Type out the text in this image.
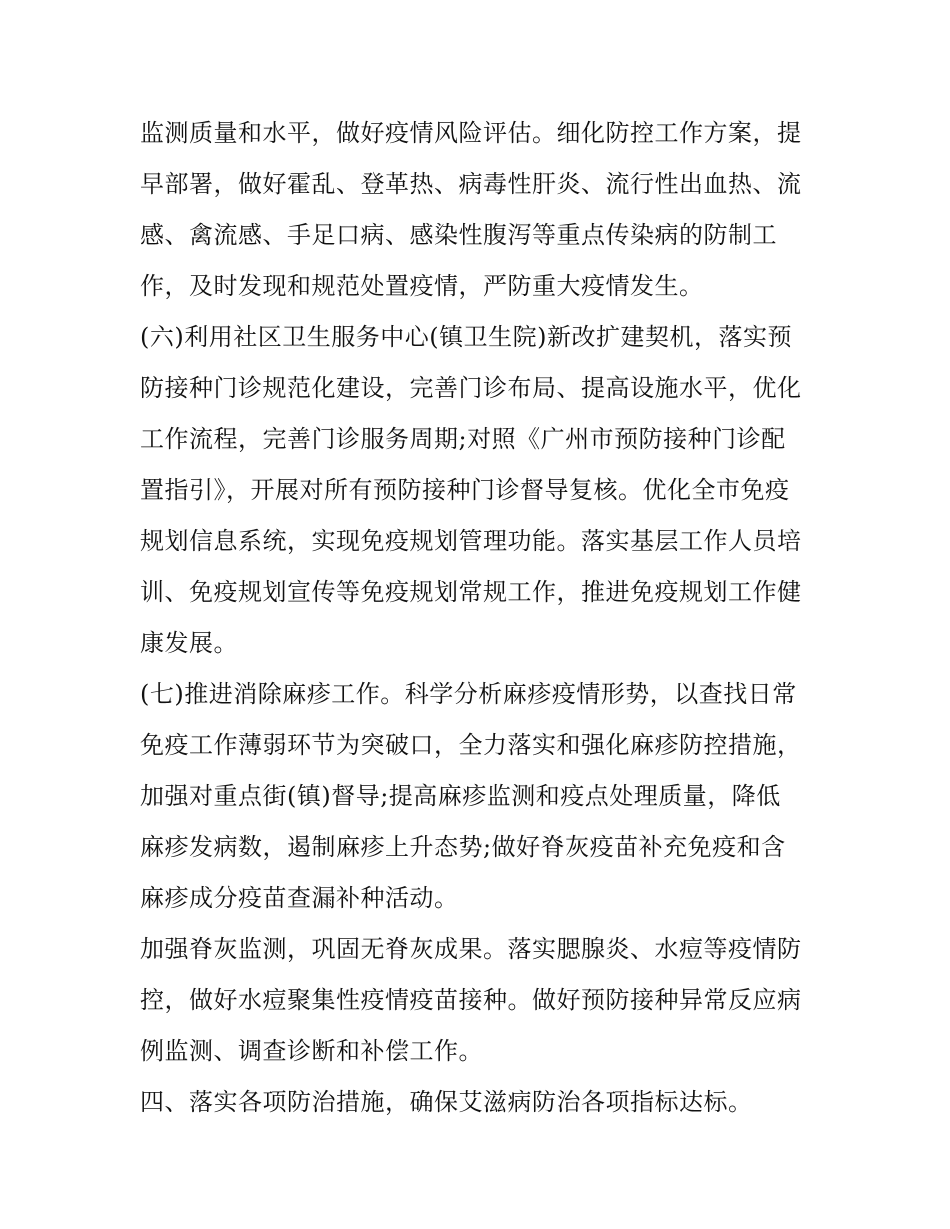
监测质量和水平，做好疫情风险评估。细化防控工作方案，提
早部署，做好霍乱、登革热、病毒性肝炎、流行性出血热、流
感、禽流感、手足口病、感染性腹泻等重点传染病的防制工
作，及时发现和规范处置疫情，严防重大疫情发生。
(六)利用社区卫生服务中心(镇卫生院)新改扩建契机，落实预
防接种门诊规范化建设，完善门诊布局、提高设施水平，优化
工作流程，完善门诊服务周期;对照《广州市预防接种门诊配
置指引》，开展对所有预防接种门诊督导复核。优化全市免疫
规划信息系统，实现免疫规划管理功能。落实基层工作人员培
训、免疫规划宣传等免疫规划常规工作，推进免疫规划工作健
康发展。
(七)推进消除麻疹工作。科学分析麻疹疫情形势，以查找日常
免疫工作薄弱环节为突破口，全力落实和强化麻疹防控措施，
加强对重点街(镇)督导;提高麻疹监测和疫点处理质量，降低
麻疹发病数，遏制麻疹上升态势;做好脊灰疫苗补充免疫和含
麻疹成分疫苗查漏补种活动。
加强脊灰监测，巩固无脊灰成果。落实腮腺炎、水痘等疫情防
控，做好水痘聚集性疫情疫苗接种。做好预防接种异常反应病
例监测、调查诊断和补偿工作。
四、落实各项防治措施，确保艾滋病防治各项指标达标。
